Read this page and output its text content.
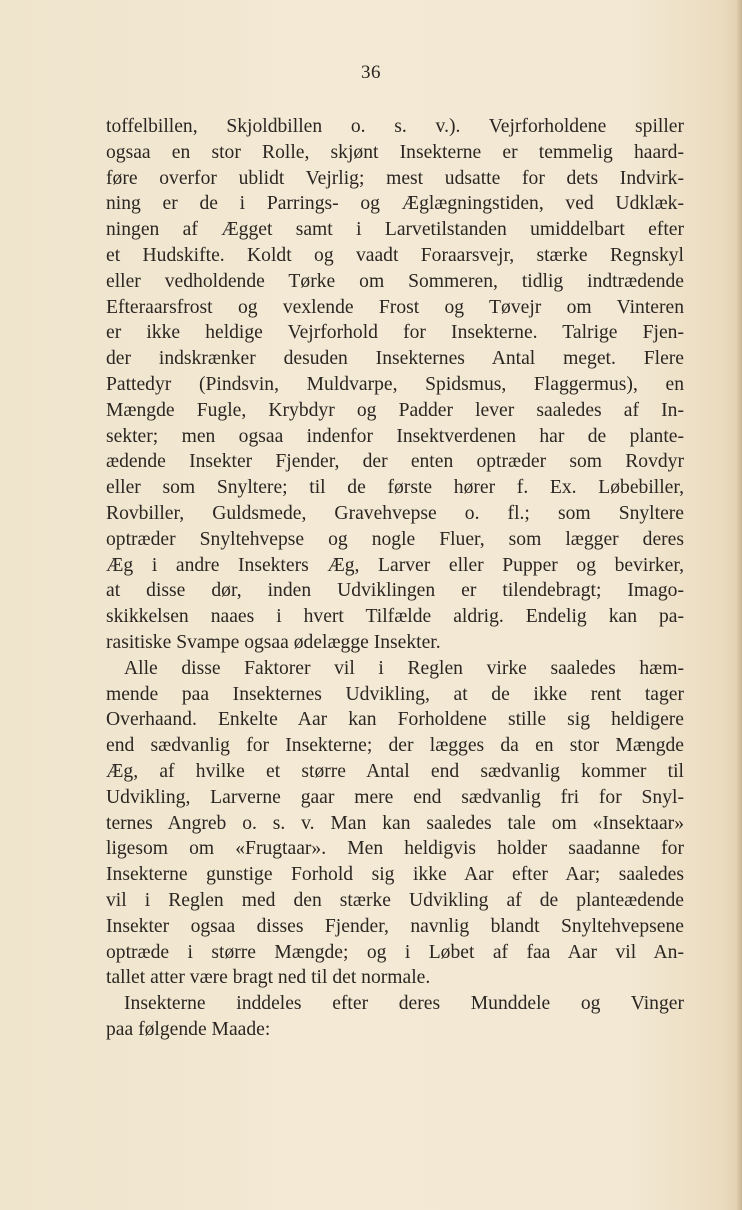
36
toffelbillen, Skjoldbillen o. s. v.). Vejrforholdene spiller
ogsaa en stor Rolle, skjønt Insekterne er temmelig haard-
føre overfor ublidt Vejrlig; mest udsatte for dets Indvirk-
ning er de i Parrings- og Æglægningstiden, ved Udklæk-
ningen af Ægget samt i Larvetilstanden umiddelbart efter
et Hudskifte. Koldt og vaadt Foraarsvejr, stærke Regnskyl
eller vedholdende Tørke om Sommeren, tidlig indtrædende
Efteraarsfrost og vexlende Frost og Tøvejr om Vinteren
er ikke heldige Vejrforhold for Insekterne. Talrige Fjen-
der indskrænker desuden Insekternes Antal meget. Flere
Pattedyr (Pindsvin, Muldvarpe, Spidsmus, Flaggermus), en
Mængde Fugle, Krybdyr og Padder lever saaledes af In-
sekter; men ogsaa indenfor Insektverdenen har de plante-
ædende Insekter Fjender, der enten optræder som Rovdyr
eller som Snyltere; til de første hører f. Ex. Løbebiller,
Rovbiller, Guldsmede, Gravehvepse o. fl.; som Snyltere
optræder Snyltehvepse og nogle Fluer, som lægger deres
Æg i andre Insekters Æg, Larver eller Pupper og bevirker,
at disse dør, inden Udviklingen er tilendebragt; Imago-
skikkelsen naaes i hvert Tilfælde aldrig. Endelig kan pa-
rasitiske Svampe ogsaa ødelægge Insekter.
Alle disse Faktorer vil i Reglen virke saaledes hæm-
mende paa Insekternes Udvikling, at de ikke rent tager
Overhaand. Enkelte Aar kan Forholdene stille sig heldigere
end sædvanlig for Insekterne; der lægges da en stor Mængde
Æg, af hvilke et større Antal end sædvanlig kommer til
Udvikling, Larverne gaar mere end sædvanlig fri for Snyl-
ternes Angreb o. s. v. Man kan saaledes tale om «Insektaar»
ligesom om «Frugtaar». Men heldigvis holder saadanne for
Insekterne gunstige Forhold sig ikke Aar efter Aar; saaledes
vil i Reglen med den stærke Udvikling af de planteædende
Insekter ogsaa disses Fjender, navnlig blandt Snyltehvepsene
optræde i større Mængde; og i Løbet af faa Aar vil An-
tallet atter være bragt ned til det normale.
Insekterne inddeles efter deres Munddele og Vinger
paa følgende Maade:
